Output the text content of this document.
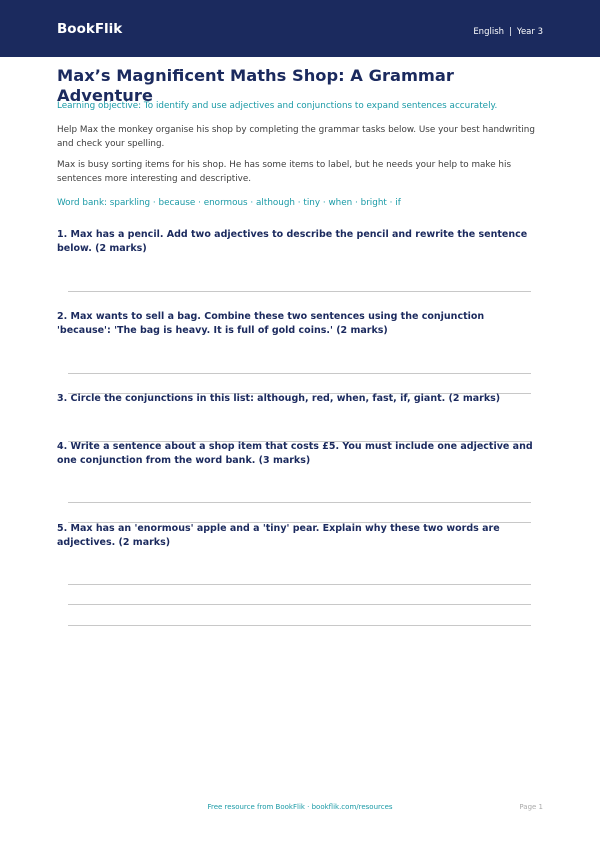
BookFlik	English | Year 3
Max’s Magnificent Maths Shop: A Grammar Adventure
Learning objective: To identify and use adjectives and conjunctions to expand sentences accurately.
Help Max the monkey organise his shop by completing the grammar tasks below. Use your best handwriting and check your spelling.
Max is busy sorting items for his shop. He has some items to label, but he needs your help to make his sentences more interesting and descriptive.
Word bank: sparkling · because · enormous · although · tiny · when · bright · if
1. Max has a pencil. Add two adjectives to describe the pencil and rewrite the sentence below. (2 marks)
2. Max wants to sell a bag. Combine these two sentences using the conjunction 'because': 'The bag is heavy. It is full of gold coins.' (2 marks)
3. Circle the conjunctions in this list: although, red, when, fast, if, giant. (2 marks)
4. Write a sentence about a shop item that costs £5. You must include one adjective and one conjunction from the word bank. (3 marks)
5. Max has an 'enormous' apple and a 'tiny' pear. Explain why these two words are adjectives. (2 marks)
Free resource from BookFlik · bookflik.com/resources	Page 1
